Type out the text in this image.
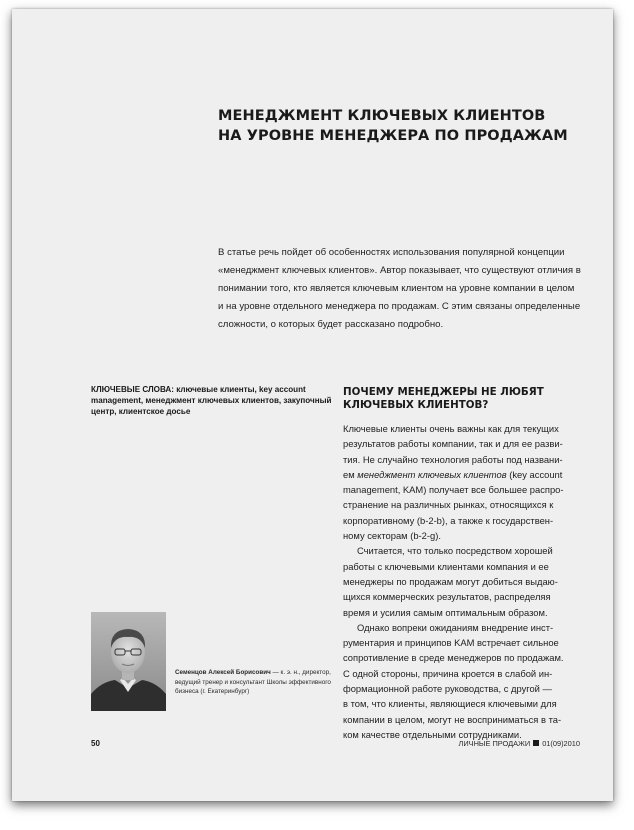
МЕНЕДЖМЕНТ КЛЮЧЕВЫХ КЛИЕНТОВ
НА УРОВНЕ МЕНЕДЖЕРА ПО ПРОДАЖАМ
В статье речь пойдет об особенностях использования популярной концепции
«менеджмент ключевых клиентов». Автор показывает, что существуют отличия в
понимании того, кто является ключевым клиентом на уровне компании в целом
и на уровне отдельного менеджера по продажам. С этим связаны определенные
сложности, о которых будет рассказано подробно.
КЛЮЧЕВЫЕ СЛОВА: ключевые клиенты, key account
management, менеджмент ключевых клиентов, закупочный
центр, клиентское досье
ПОЧЕМУ МЕНЕДЖЕРЫ НЕ ЛЮБЯТ
КЛЮЧЕВЫХ КЛИЕНТОВ?
Ключевые клиенты очень важны как для текущих
результатов работы компании, так и для ее разви-
тия. Не случайно технология работы под названи-
ем менеджмент ключевых клиентов (key account
management, KAM) получает все большее распро-
странение на различных рынках, относящихся к
корпоративному (b-2-b), а также к государствен-
ному секторам (b-2-g).
Считается, что только посредством хорошей
работы с ключевыми клиентами компания и ее
менеджеры по продажам могут добиться выдаю-
щихся коммерческих результатов, распределяя
время и усилия самым оптимальным образом.
Однако вопреки ожиданиям внедрение инст-
рументария и принципов KAM встречает сильное
сопротивление в среде менеджеров по продажам.
С одной стороны, причина кроется в слабой ин-
формационной работе руководства, с другой —
в том, что клиенты, являющиеся ключевыми для
компании в целом, могут не восприниматься в та-
ком качестве отдельными сотрудниками.
Семенцов Алексей Борисович — к. э. н., директор,
ведущий тренер и консультант Школы эффективного
бизнеса (г. Екатеринбург)
50	ЛИЧНЫЕ ПРОДАЖИ 01(09)2010
